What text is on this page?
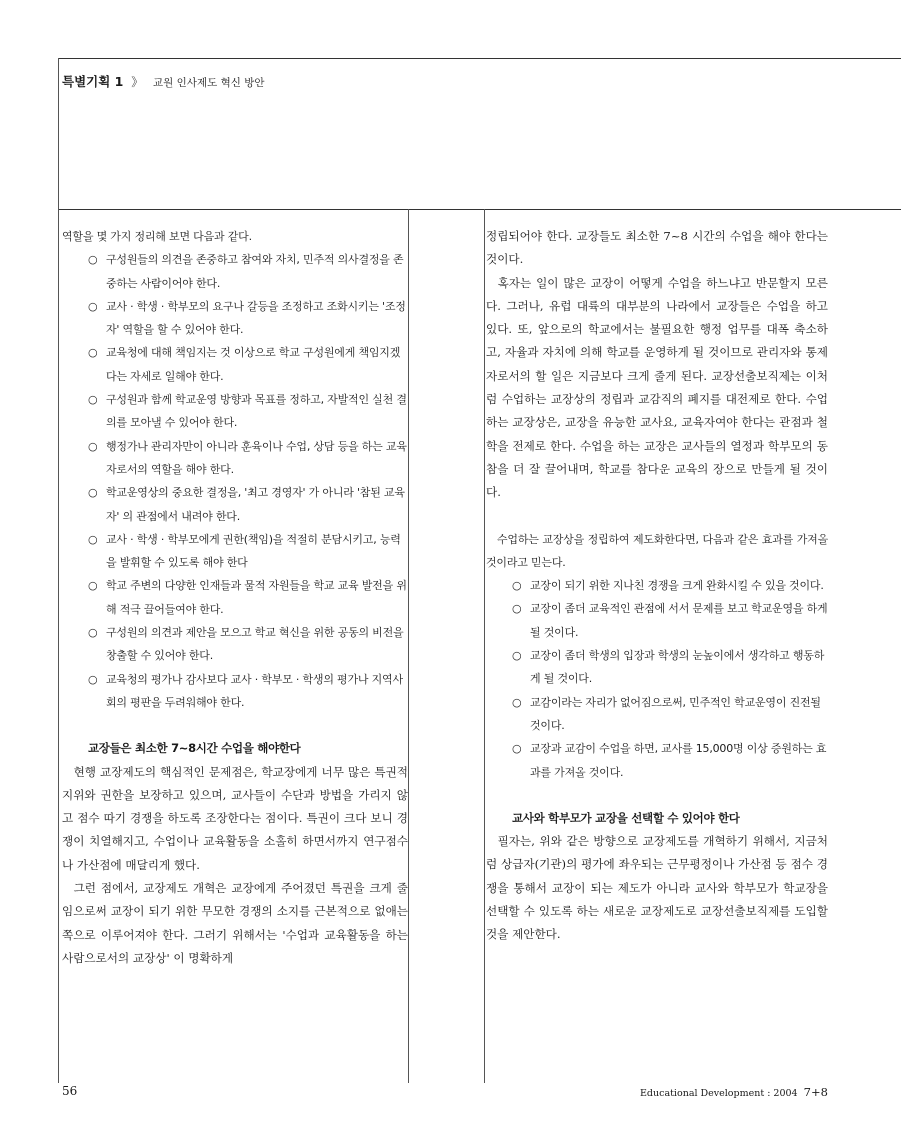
특별기획 1 》 교원 인사제도 혁신 방안
역할을 몇 가지 정리해 보면 다음과 같다.
○ 구성원들의 의견을 존중하고 참여와 자치, 민주적 의사결정을 존중하는 사람이어야 한다.
○ 교사 · 학생 · 학부모의 요구나 갈등을 조정하고 조화시키는 '조정자' 역할을 할 수 있어야 한다.
○ 교육청에 대해 책임지는 것 이상으로 학교 구성원에게 책임지겠다는 자세로 일해야 한다.
○ 구성원과 함께 학교운영 방향과 목표를 정하고, 자발적인 실천 결의를 모아낼 수 있어야 한다.
○ 행정가나 관리자만이 아니라 훈육이나 수업, 상담 등을 하는 교육자로서의 역할을 해야 한다.
○ 학교운영상의 중요한 결정을, '최고 경영자' 가 아니라 '참된 교육자' 의 관점에서 내려야 한다.
○ 교사 · 학생 · 학부모에게 권한(책임)을 적절히 분담시키고, 능력을 발휘할 수 있도록 해야 한다
○ 학교 주변의 다양한 인재들과 물적 자원들을 학교 교육 발전을 위해 적극 끌어들여야 한다.
○ 구성원의 의견과 제안을 모으고 학교 혁신을 위한 공동의 비전을 창출할 수 있어야 한다.
○ 교육청의 평가나 감사보다 교사 · 학부모 · 학생의 평가나 지역사회의 평판을 두려워해야 한다.
교장들은 최소한 7~8시간 수업을 해야한다
현행 교장제도의 핵심적인 문제점은, 학교장에게 너무 많은 특권적 지위와 권한을 보장하고 있으며, 교사들이 수단과 방법을 가리지 않고 점수 따기 경쟁을 하도록 조장한다는 점이다. 특권이 크다 보니 경쟁이 치열해지고, 수업이나 교육활동을 소홀히 하면서까지 연구점수나 가산점에 매달리게 했다.
그런 점에서, 교장제도 개혁은 교장에게 주어졌던 특권을 크게 줄임으로써 교장이 되기 위한 무모한 경쟁의 소지를 근본적으로 없애는 쪽으로 이루어져야 한다. 그러기 위해서는 '수업과 교육활동을 하는 사람으로서의 교장상' 이 명확하게
정립되어야 한다. 교장들도 최소한 7~8 시간의 수업을 해야 한다는 것이다.
혹자는 일이 많은 교장이 어떻게 수업을 하느냐고 반문할지 모른다. 그러나, 유럽 대륙의 대부분의 나라에서 교장들은 수업을 하고 있다. 또, 앞으로의 학교에서는 불필요한 행정 업무를 대폭 축소하고, 자율과 자치에 의해 학교를 운영하게 될 것이므로 관리자와 통제자로서의 할 일은 지금보다 크게 줄게 된다. 교장선출보직제는 이처럼 수업하는 교장상의 정립과 교감직의 폐지를 대전제로 한다. 수업하는 교장상은, 교장을 유능한 교사요, 교육자여야 한다는 관점과 철학을 전제로 한다. 수업을 하는 교장은 교사들의 열정과 학부모의 동참을 더 잘 끌어내며, 학교를 참다운 교육의 장으로 만들게 될 것이다.
수업하는 교장상을 정립하여 제도화한다면, 다음과 같은 효과를 가져올 것이라고 믿는다.
○ 교장이 되기 위한 지나친 경쟁을 크게 완화시킬 수 있을 것이다.
○ 교장이 좀더 교육적인 관점에 서서 문제를 보고 학교운영을 하게 될 것이다.
○ 교장이 좀더 학생의 입장과 학생의 눈높이에서 생각하고 행동하게 될 것이다.
○ 교감이라는 자리가 없어짐으로써, 민주적인 학교운영이 진전될 것이다.
○ 교장과 교감이 수업을 하면, 교사를 15,000명 이상 증원하는 효과를 가져올 것이다.
교사와 학부모가 교장을 선택할 수 있어야 한다
필자는, 위와 같은 방향으로 교장제도를 개혁하기 위해서, 지금처럼 상급자(기관)의 평가에 좌우되는 근무평정이나 가산점 등 점수 경쟁을 통해서 교장이 되는 제도가 아니라 교사와 학부모가 학교장을 선택할 수 있도록 하는 새로운 교장제도로 교장선출보직제를 도입할 것을 제안한다.
56	Educational Development : 2004 7+8
